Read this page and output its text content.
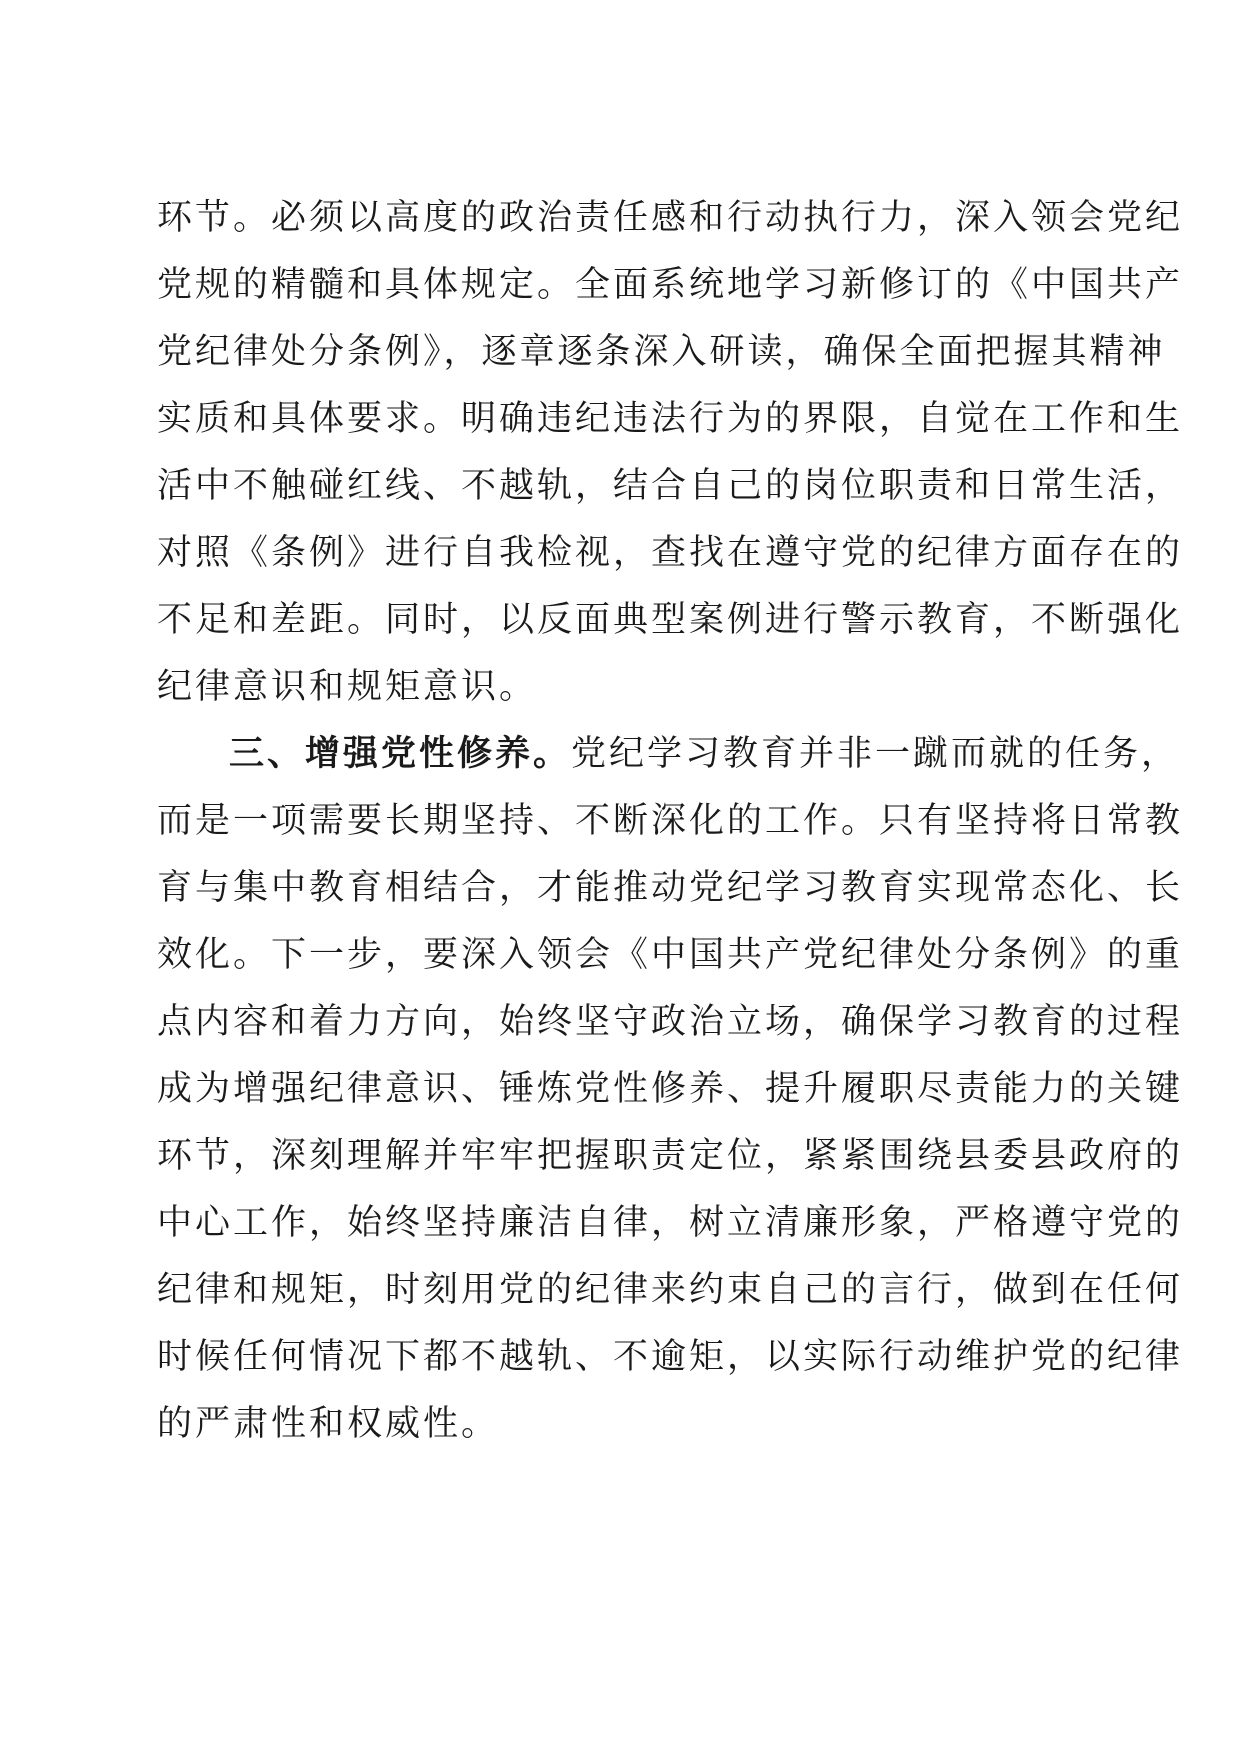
环节。必须以高度的政治责任感和行动执行力，深入领会党纪
党规的精髓和具体规定。全面系统地学习新修订的《中国共产
党纪律处分条例》，逐章逐条深入研读，确保全面把握其精神
实质和具体要求。明确违纪违法行为的界限，自觉在工作和生
活中不触碰红线、不越轨，结合自己的岗位职责和日常生活，
对照《条例》进行自我检视，查找在遵守党的纪律方面存在的
不足和差距。同时，以反面典型案例进行警示教育，不断强化
纪律意识和规矩意识。
三、增强党性修养。党纪学习教育并非一蹴而就的任务，
而是一项需要长期坚持、不断深化的工作。只有坚持将日常教
育与集中教育相结合，才能推动党纪学习教育实现常态化、长
效化。下一步，要深入领会《中国共产党纪律处分条例》的重
点内容和着力方向，始终坚守政治立场，确保学习教育的过程
成为增强纪律意识、锤炼党性修养、提升履职尽责能力的关键
环节，深刻理解并牢牢把握职责定位，紧紧围绕县委县政府的
中心工作，始终坚持廉洁自律，树立清廉形象，严格遵守党的
纪律和规矩，时刻用党的纪律来约束自己的言行，做到在任何
时候任何情况下都不越轨、不逾矩，以实际行动维护党的纪律
的严肃性和权威性。
